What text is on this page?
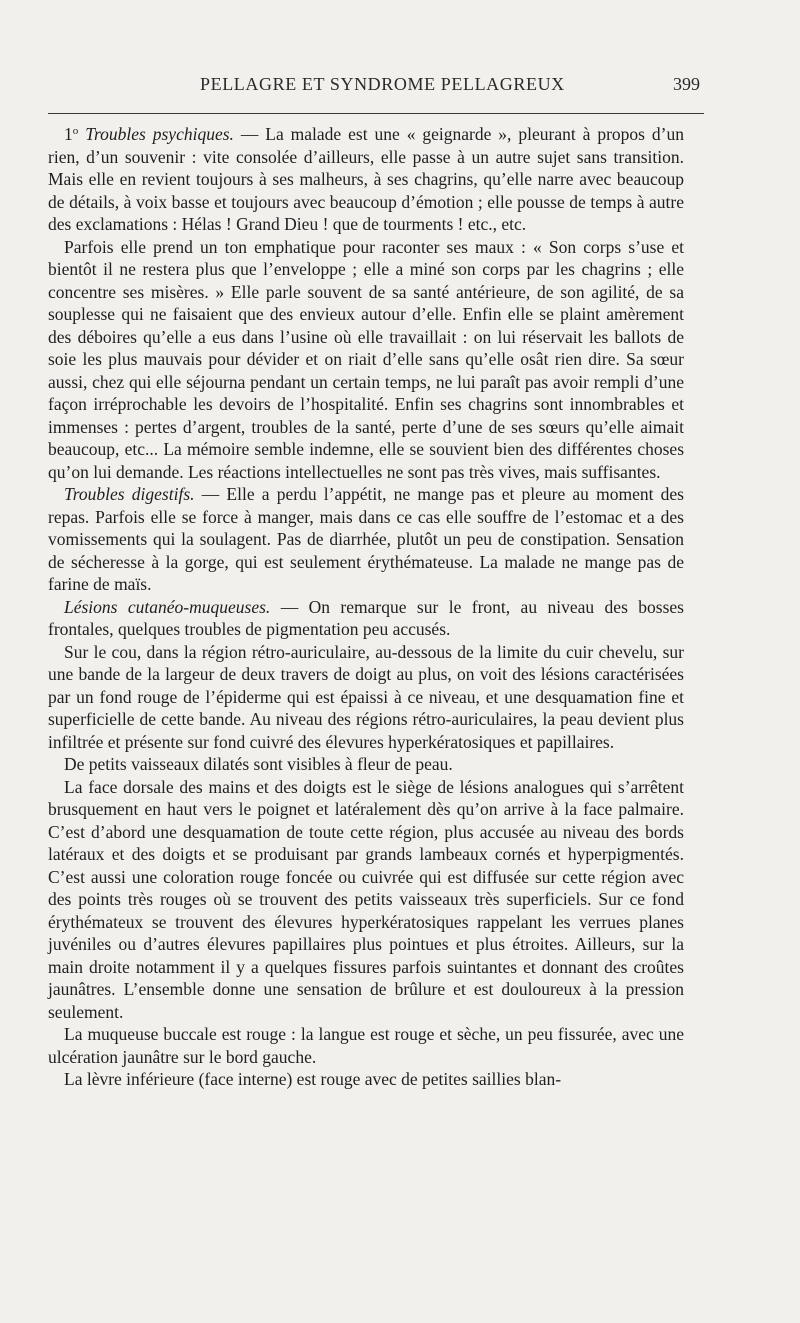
PELLAGRE ET SYNDROME PELLAGREUX	399

1$^o$ Troubles psychiques. — La malade est une « geignarde », pleurant à propos d’un rien, d’un souvenir : vite consolée d’ailleurs, elle passe à un autre sujet sans transition. Mais elle en revient toujours à ses malheurs, à ses chagrins, qu’elle narre avec beaucoup de détails, à voix basse et toujours avec beaucoup d’émotion ; elle pousse de temps à autre des exclamations : Hélas ! Grand Dieu ! que de tourments ! etc., etc.

Parfois elle prend un ton emphatique pour raconter ses maux : « Son corps s’use et bientôt il ne restera plus que l’enveloppe ; elle a miné son corps par les chagrins ; elle concentre ses misères. » Elle parle souvent de sa santé antérieure, de son agilité, de sa souplesse qui ne faisaient que des envieux autour d’elle. Enfin elle se plaint amèrement des déboires qu’elle a eus dans l’usine où elle travaillait : on lui réservait les ballots de soie les plus mauvais pour dévider et on riait d’elle sans qu’elle osât rien dire. Sa sœur aussi, chez qui elle séjourna pendant un certain temps, ne lui paraît pas avoir rempli d’une façon irréprochable les devoirs de l’hospitalité. Enfin ses chagrins sont innombrables et immenses : pertes d’argent, troubles de la santé, perte d’une de ses sœurs qu’elle aimait beaucoup, etc... La mémoire semble indemne, elle se souvient bien des différentes choses qu’on lui demande. Les réactions intellectuelles ne sont pas très vives, mais suffisantes.

Troubles digestifs. — Elle a perdu l’appétit, ne mange pas et pleure au moment des repas. Parfois elle se force à manger, mais dans ce cas elle souffre de l’estomac et a des vomissements qui la soulagent. Pas de diarrhée, plutôt un peu de constipation. Sensation de sécheresse à la gorge, qui est seulement érythémateuse. La malade ne mange pas de farine de maïs.

Lésions cutanéo-muqueuses. — On remarque sur le front, au niveau des bosses frontales, quelques troubles de pigmentation peu accusés.

Sur le cou, dans la région rétro-auriculaire, au-dessous de la limite du cuir chevelu, sur une bande de la largeur de deux travers de doigt au plus, on voit des lésions caractérisées par un fond rouge de l’épiderme qui est épaissi à ce niveau, et une desquamation fine et superficielle de cette bande. Au niveau des régions rétro-auriculaires, la peau devient plus infiltrée et présente sur fond cuivré des élevures hyperkératosiques et papillaires.

De petits vaisseaux dilatés sont visibles à fleur de peau.

La face dorsale des mains et des doigts est le siège de lésions analogues qui s’arrêtent brusquement en haut vers le poignet et latéralement dès qu’on arrive à la face palmaire. C’est d’abord une desquamation de toute cette région, plus accusée au niveau des bords latéraux et des doigts et se produisant par grands lambeaux cornés et hyperpigmentés. C’est aussi une coloration rouge foncée ou cuivrée qui est diffusée sur cette région avec des points très rouges où se trouvent des petits vaisseaux très superficiels. Sur ce fond érythémateux se trouvent des élevures hyperkératosiques rappelant les verrues planes juvéniles ou d’autres élevures papillaires plus pointues et plus étroites. Ailleurs, sur la main droite notamment il y a quelques fissures parfois suintantes et donnant des croûtes jaunâtres. L’ensemble donne une sensation de brûlure et est douloureux à la pression seulement.

La muqueuse buccale est rouge : la langue est rouge et sèche, un peu fissurée, avec une ulcération jaunâtre sur le bord gauche.

La lèvre inférieure (face interne) est rouge avec de petites saillies blan-
